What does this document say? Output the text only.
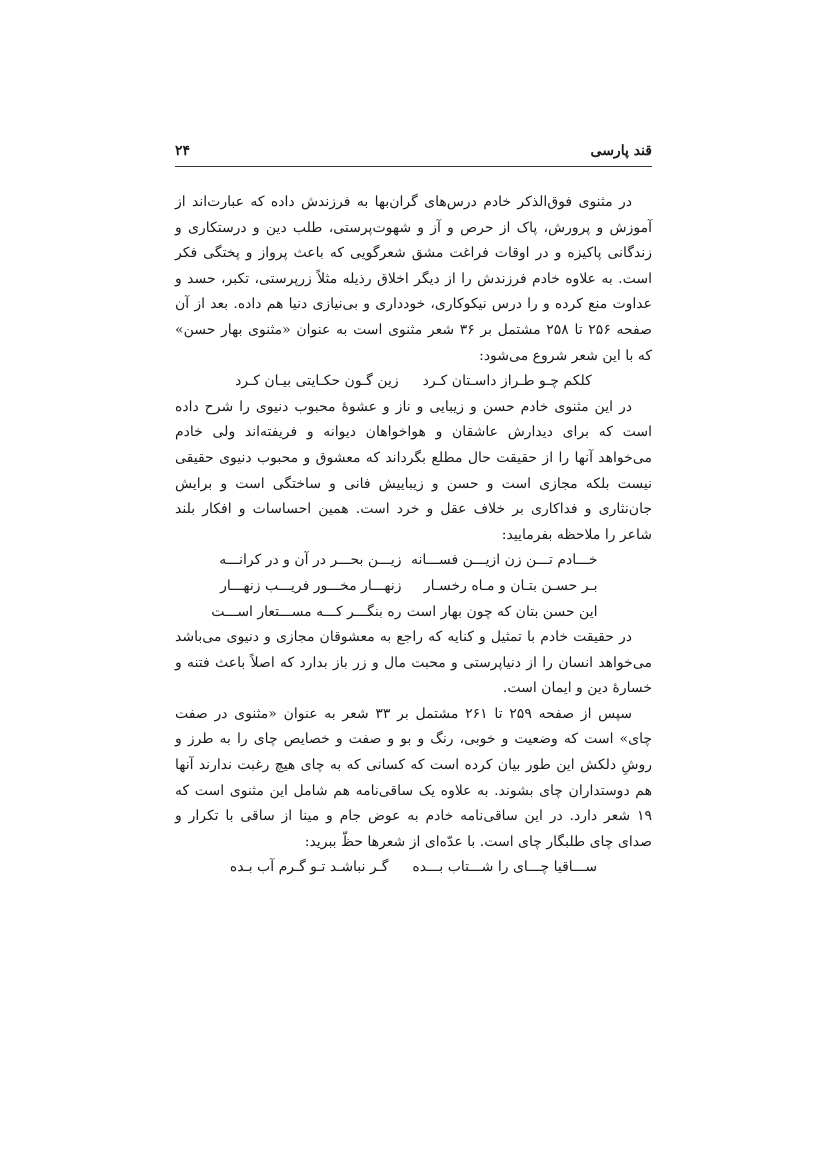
قند پارسی
۲۴

در مثنوی فوق‌الذکر خادم درس‌های گران‌بها به فرزندش داده که عبارت‌اند از آموزش و پرورش، پاک از حرص و آز و شهوت‌پرستی، طلب دین و درستکاری و زندگانی پاکیزه و در اوقات فراغت مشق شعرگویی که باعث پرواز و پختگی فکر است. به علاوه خادم فرزندش را از دیگر اخلاق رذیله مثلاً زرپرستی، تکبر، حسد و عداوت منع کرده و را درس نیکوکاری، خودداری و بی‌نیازی دنیا هم داده. بعد از آن صفحه ۲۵۶ تا ۲۵۸ مشتمل بر ۳۶ شعر مثنوی است به عنوان «مثنوی بهار حسن» که با این شعر شروع می‌شود:

کلکم چـو طـراز داسـتان کـرد
زین گـون حکـایتی بیـان کـرد

در این مثنوی خادم حسن و زیبایی و ناز و عشوهٔ محبوب دنیوی را شرح داده است که برای دیدارش عاشقان و هواخواهان دیوانه و فریفته‌اند ولی خادم می‌خواهد آنها را از حقیقت حال مطلع بگرداند که معشوق و محبوب دنیوی حقیقی نیست بلکه مجازی است و حسن و زیباییش فانی و ساختگی است و برایش جان‌نثاری و فداکاری بر خلاف عقل و خرد است. همین احساسات و افکار بلند شاعر را ملاحظه بفرمایید:

خـــادم تـــن زن ازیـــن فســـانه
زیـــن بحـــر در آن و در کرانـــه
بـر حسـن بتـان و مـاه رخسـار
زنهـــار مخـــور فریـــب زنهـــار
این حسن بتان که چون بهار است
ره بنگـــر کـــه مســـتعار اســـت

در حقیقت خادم با تمثیل و کنایه که راجع به معشوقان مجازی و دنیوی می‌باشد می‌خواهد انسان را از دنیاپرستی و محبت مال و زر باز بدارد که اصلاً باعث فتنه و خسارهٔ دین و ایمان است.

سپس از صفحه ۲۵۹ تا ۲۶۱ مشتمل بر ۳۳ شعر به عنوان «مثنوی در صفت چای» است که وضعیت و خوبی، رنگ و بو و صفت و خصایص چای را به طرز و روشِ دلکش این طور بیان کرده است که کسانی که به چای هیچ رغبت ندارند آنها هم دوستداران چای بشوند. به علاوه یک ساقی‌نامه هم شامل این مثنوی است که ۱۹ شعر دارد. در این ساقی‌نامه خادم به عوض جام و مینا از ساقی با تکرار و صدای چای طلبگار چای است. با عدّه‌ای از شعرها حظّ ببرید:

ســـاقیا چـــای را شـــتاب بـــده
گـر نباشـد تـو گـرم آب بـده
